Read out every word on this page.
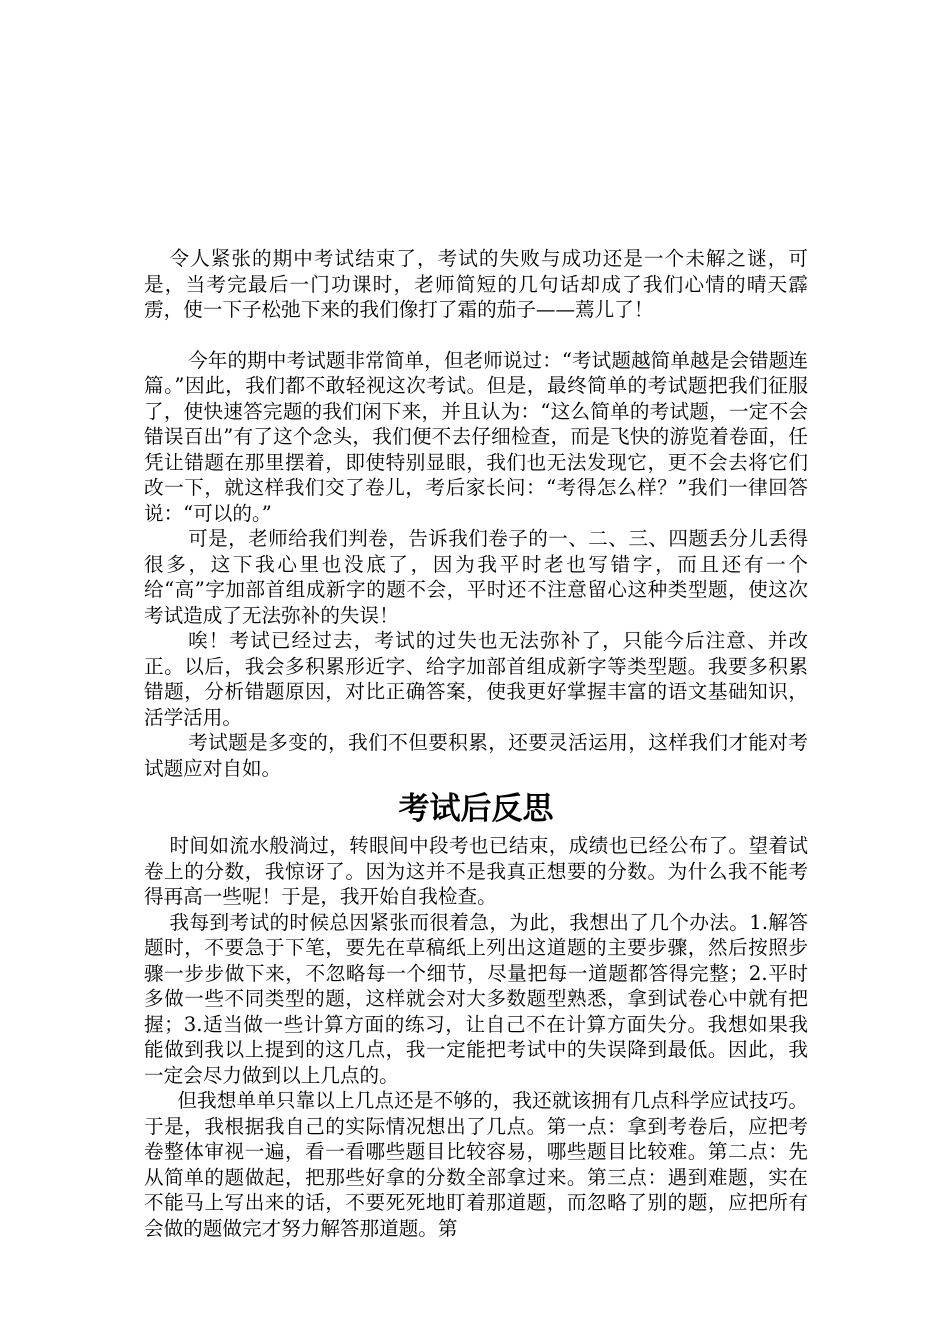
令人紧张的期中考试结束了，考试的失败与成功还是一个未解之谜，可是，当考完最后一门功课时，老师简短的几句话却成了我们心情的晴天霹雳，使一下子松弛下来的我们像打了霜的茄子——蔫儿了！

今年的期中考试题非常简单，但老师说过：“考试题越简单越是会错题连篇。”因此，我们都不敢轻视这次考试。但是，最终简单的考试题把我们征服了，使快速答完题的我们闲下来，并且认为：“这么简单的考试题，一定不会错误百出”有了这个念头，我们便不去仔细检查，而是飞快的游览着卷面，任凭让错题在那里摆着，即使特别显眼，我们也无法发现它，更不会去将它们改一下，就这样我们交了卷儿，考后家长问：“考得怎么样？”我们一律回答说：“可以的。”

可是，老师给我们判卷，告诉我们卷子的一、二、三、四题丢分儿丢得很多，这下我心里也没底了，因为我平时老也写错字，而且还有一个给“高”字加部首组成新字的题不会，平时还不注意留心这种类型题，使这次考试造成了无法弥补的失误！

唉！考试已经过去，考试的过失也无法弥补了，只能今后注意、并改正。以后，我会多积累形近字、给字加部首组成新字等类型题。我要多积累错题，分析错题原因，对比正确答案，使我更好掌握丰富的语文基础知识，活学活用。

考试题是多变的，我们不但要积累，还要灵活运用，这样我们才能对考试题应对自如。

考试后反思

时间如流水般淌过，转眼间中段考也已结束，成绩也已经公布了。望着试卷上的分数，我惊讶了。因为这并不是我真正想要的分数。为什么我不能考得再高一些呢！于是，我开始自我检查。

我每到考试的时候总因紧张而很着急，为此，我想出了几个办法。1.解答题时，不要急于下笔，要先在草稿纸上列出这道题的主要步骤，然后按照步骤一步步做下来，不忽略每一个细节，尽量把每一道题都答得完整；2.平时多做一些不同类型的题，这样就会对大多数题型熟悉，拿到试卷心中就有把握；3.适当做一些计算方面的练习，让自己不在计算方面失分。我想如果我能做到我以上提到的这几点，我一定能把考试中的失误降到最低。因此，我一定会尽力做到以上几点的。

但我想单单只靠以上几点还是不够的，我还就该拥有几点科学应试技巧。于是，我根据我自己的实际情况想出了几点。第一点：拿到考卷后，应把考卷整体审视一遍，看一看哪些题目比较容易，哪些题目比较难。第二点：先从简单的题做起，把那些好拿的分数全部拿过来。第三点：遇到难题，实在不能马上写出来的话，不要死死地盯着那道题，而忽略了别的题，应把所有会做的题做完才努力解答那道题。第
